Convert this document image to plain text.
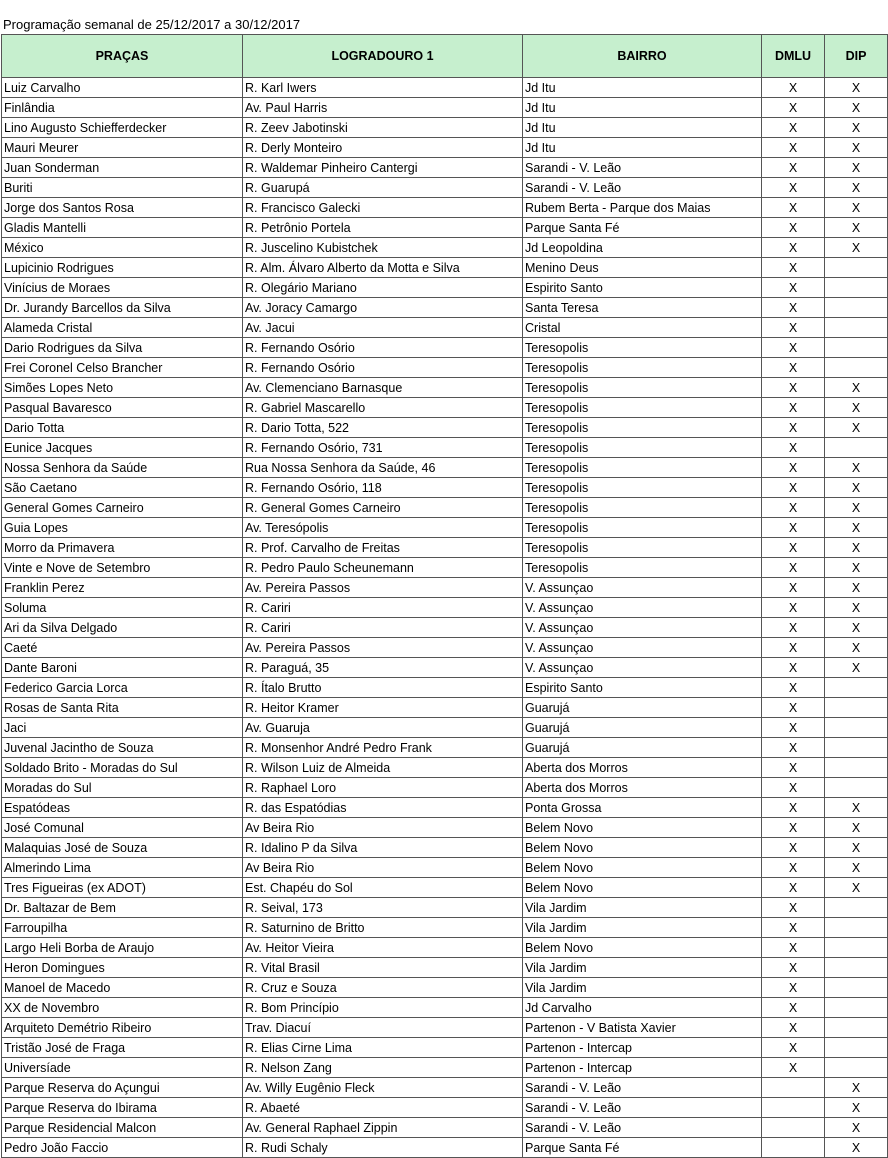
Programação semanal de 25/12/2017 a 30/12/2017
PRAÇAS	LOGRADOURO 1	BAIRRO	DMLU	DIP
Luiz Carvalho	R. Karl Iwers	Jd Itu	X	X
Finlândia	Av. Paul Harris	Jd Itu	X	X
Lino Augusto Schiefferdecker	R. Zeev Jabotinski	Jd Itu	X	X
Mauri Meurer	R. Derly Monteiro	Jd Itu	X	X
Juan Sonderman	R. Waldemar Pinheiro Cantergi	Sarandi - V. Leão	X	X
Buriti	R. Guarupá	Sarandi - V. Leão	X	X
Jorge dos Santos Rosa	R. Francisco Galecki	Rubem Berta - Parque dos Maias	X	X
Gladis Mantelli	R. Petrônio Portela	Parque Santa Fé	X	X
México	R. Juscelino Kubistchek	Jd Leopoldina	X	X
Lupicinio Rodrigues	R. Alm. Álvaro Alberto da Motta e Silva	Menino Deus	X	
Vinícius de Moraes	R. Olegário Mariano	Espirito Santo	X	
Dr. Jurandy Barcellos da Silva	Av. Joracy Camargo	Santa Teresa	X	
Alameda Cristal	Av. Jacui	Cristal	X	
Dario Rodrigues da Silva	R. Fernando Osório	Teresopolis	X	
Frei Coronel Celso Brancher	R. Fernando Osório	Teresopolis	X	
Simões Lopes Neto	Av. Clemenciano Barnasque	Teresopolis	X	X
Pasqual Bavaresco	R. Gabriel Mascarello	Teresopolis	X	X
Dario Totta	R. Dario Totta, 522	Teresopolis	X	X
Eunice Jacques	R. Fernando Osório, 731	Teresopolis	X	
Nossa Senhora da Saúde	Rua Nossa Senhora da Saúde, 46	Teresopolis	X	X
São Caetano	R. Fernando Osório, 118	Teresopolis	X	X
General Gomes Carneiro	R. General Gomes Carneiro	Teresopolis	X	X
Guia Lopes	Av. Teresópolis	Teresopolis	X	X
Morro da Primavera	R. Prof. Carvalho de Freitas	Teresopolis	X	X
Vinte e Nove de Setembro	R. Pedro Paulo Scheunemann	Teresopolis	X	X
Franklin Perez	Av. Pereira Passos	V. Assunçao	X	X
Soluma	R. Cariri	V. Assunçao	X	X
Ari da Silva Delgado	R. Cariri	V. Assunçao	X	X
Caeté	Av. Pereira Passos	V. Assunçao	X	X
Dante Baroni	R. Paraguá, 35	V. Assunçao	X	X
Federico Garcia Lorca	R. Ítalo Brutto	Espirito Santo	X	
Rosas de Santa Rita	R. Heitor Kramer	Guarujá	X	
Jaci	Av. Guaruja	Guarujá	X	
Juvenal Jacintho de Souza	R. Monsenhor André Pedro Frank	Guarujá	X	
Soldado Brito - Moradas do Sul	R. Wilson Luiz de Almeida	Aberta dos Morros	X	
Moradas do Sul	R. Raphael Loro	Aberta dos Morros	X	
Espatódeas	R. das Espatódias	Ponta Grossa	X	X
José Comunal	Av Beira Rio	Belem Novo	X	X
Malaquias José de Souza	R. Idalino P da Silva	Belem Novo	X	X
Almerindo Lima	Av Beira Rio	Belem Novo	X	X
Tres Figueiras (ex ADOT)	Est. Chapéu do Sol	Belem Novo	X	X
Dr. Baltazar de Bem	R. Seival, 173	Vila Jardim	X	
Farroupilha	R. Saturnino de Britto	Vila Jardim	X	
Largo Heli Borba de Araujo	Av. Heitor Vieira	Belem Novo	X	
Heron Domingues	R. Vital Brasil	Vila Jardim	X	
Manoel de Macedo	R. Cruz e Souza	Vila Jardim	X	
XX de Novembro	R. Bom Princípio	Jd Carvalho	X	
Arquiteto Demétrio Ribeiro	Trav. Diacuí	Partenon - V Batista Xavier	X	
Tristão José de Fraga	R. Elias Cirne Lima	Partenon - Intercap	X	
Universíade	R. Nelson Zang	Partenon - Intercap	X	
Parque Reserva do Açungui	Av. Willy Eugênio Fleck	Sarandi - V. Leão		X
Parque Reserva do Ibirama	R. Abaeté	Sarandi - V. Leão		X
Parque Residencial Malcon	Av. General Raphael Zippin	Sarandi - V. Leão		X
Pedro João Faccio	R. Rudi Schaly	Parque Santa Fé		X
